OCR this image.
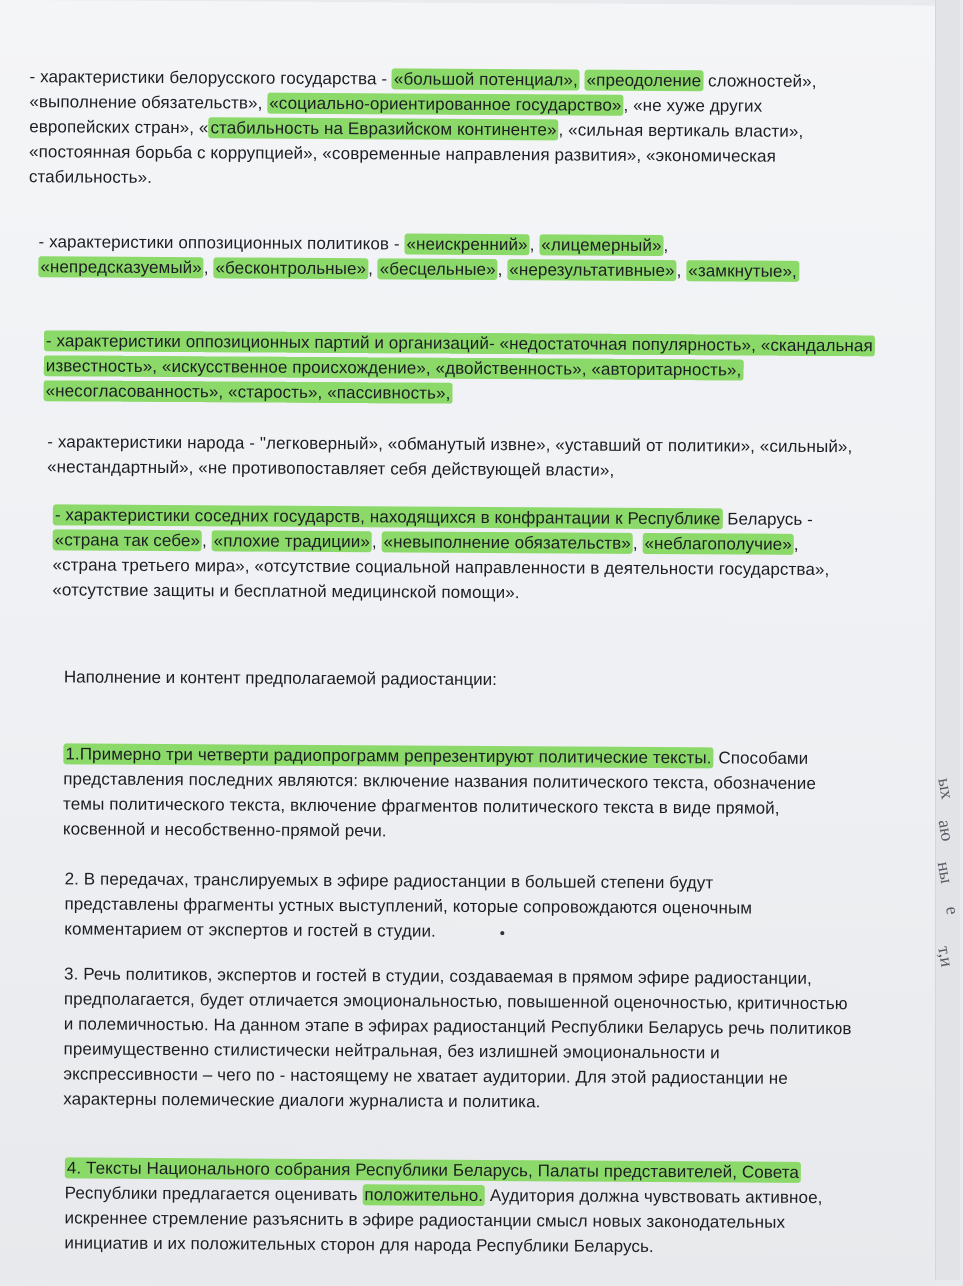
- характеристики белорусского государства - «большой потенциал», «преодоление сложностей», «выполнение обязательств», «социально-ориентированное государство» , «не хуже других европейских стран», « стабильность на Евразийском континенте» , «сильная вертикаль власти», «постоянная борьба с коррупцией», «современные направления развития», «экономическая стабильность».

- характеристики оппозиционных политиков - «неискренний» , «лицемерный» , «непредсказуемый» , «бесконтрольные» , «бесцельные» , «нерезультативные» , «замкнутые»,

- характеристики оппозиционных партий и организаций- «недостаточная популярность», «скандальная известность», «искусственное происхождение», «двойственность», «авторитарность», «несогласованность», «старость», «пассивность»,

- характеристики народа - "легковерный», «обманутый извне», «уставший от политики», «сильный», «нестандартный», «не противопоставляет себя действующей власти»,

- характеристики соседних государств, находящихся в конфрантации к Республике Беларусь - «страна так себе» , «плохие традиции» , «невыполнение обязательств» , «неблагополучие» , «страна третьего мира», «отсутствие социальной направленности в деятельности государства», «отсутствие защиты и бесплатной медицинской помощи».

Наполнение и контент предполагаемой радиостанции:

1.Примерно три четверти радиопрограмм репрезентируют политические тексты. Способами представления последних являются: включение названия политического текста, обозначение темы политического текста, включение фрагментов политического текста в виде прямой, косвенной и несобственно-прямой речи.

2. В передачах, транслируемых в эфире радиостанции в большей степени будут представлены фрагменты устных выступлений, которые сопровождаются оценочным комментарием от экспертов и гостей в студии.

3. Речь политиков, экспертов и гостей в студии, создаваемая в прямом эфире радиостанции, предполагается, будет отличается эмоциональностью, повышенной оценочностью, критичностью и полемичностью. На данном этапе в эфирах радиостанций Республики Беларусь речь политиков преимущественно стилистически нейтральная, без излишней эмоциональности и экспрессивности – чего по - настоящему не хватает аудитории. Для этой радиостанции не характерны полемические диалоги журналиста и политика.

4. Тексты Национального собрания Республики Беларусь, Палаты представителей, Совета Республики предлагается оценивать положительно. Аудитория должна чувствовать активное, искреннее стремление разъяснить в эфире радиостанции смысл новых законодательных инициатив и их положительных сторон для народа Республики Беларусь.

ых
аю
ны
е
т,и
